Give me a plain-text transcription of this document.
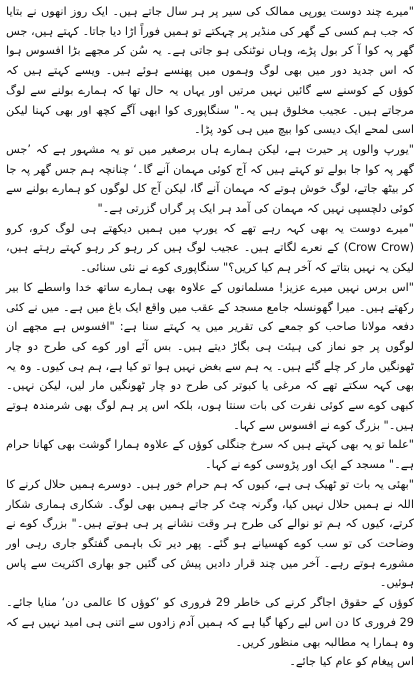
"میرے چند دوست یورپی ممالک کی سیر پر ہر سال جاتے ہیں۔ ایک روز انھوں نے بتایا کہ جب ہم کسی کے گھر کی منڈیر پر چہکتے تو ہمیں فوراً اڑا دیا جاتا۔ کہتے ہیں، جس گھر پہ کوا آ کر بول پڑے، وہاں نوٹنکی ہو جاتی ہے۔ یہ سُن کر مجھے بڑا افسوس ہوا کہ اس جدید دور میں بھی لوگ وہموں میں پھنسے ہوئے ہیں۔ ویسے کہتے ہیں کہ کوؤں کے کوسنے سے گائیں نہیں مرتیں اور یہاں یہ حال تھا کہ ہمارے بولنے سے لوگ مرجاتے ہیں۔ عجیب مخلوق ہیں یہ۔" سنگاپوری کوا ابھی آگے کچھ اور بھی کہنا لیکن اسی لمحے ایک دیسی کوا بیچ میں ہی کود پڑا۔

"یورپ والوں پر حیرت ہے، لیکن ہمارے ہاں برصغیر میں تو یہ مشہور ہے کہ ’جس گھر پہ کوا جا بولے تو کہتے ہیں کہ آج کوئی مہمان آنے گا۔‘ چنانچہ ہم جس گھر پہ جا کر بیٹھ جاتے، لوگ خوش ہوتے کہ مہمان آنے گا، لیکن آج کل لوگوں کو ہمارے بولنے سے کوئی دلچسپی نہیں کہ مہمان کی آمد ہر ایک پر گراں گزرتی ہے۔"

"میرے دوست یہ بھی کہہ رہے تھے کہ یورپ میں ہمیں دیکھتے ہی لوگ کرو، کرو (Crow Crow) کے نعرے لگاتے ہیں۔ عجیب لوگ ہیں کر رہو کر رہو کہتے رہتے ہیں، لیکن یہ نہیں بتاتے کہ آخر ہم کیا کریں؟" سنگاپوری کوے نے نئی سنائی۔

"اس برس نہیں میرے عزیز! مسلمانوں کے علاوہ بھی ہمارے ساتھ خدا واسطے کا بیر رکھتے ہیں۔ میرا گھونسلہ جامع مسجد کے عقب میں واقع ایک باغ میں ہے۔ میں نے کئی دفعہ مولانا صاحب کو جمعے کی تقریر میں یہ کہتے سنا ہے: "افسوس ہے مجھے ان لوگوں پر جو نماز کی ہیئت ہی بگاڑ دیتے ہیں۔ بس آئے اور کوے کی طرح دو چار ٹھونگیں مار کر چلے گئے ہیں۔ یہ ہم سے بغض نہیں ہوا تو کیا ہے، ہم ہی کیوں۔ وہ یہ بھی کہہ سکتے تھے کہ مرغی یا کبوتر کی طرح دو چار ٹھونگیں مار لیں، لیکن نہیں۔ کبھی کوے سے کوئی نفرت کی بات سنتا ہوں، بلکہ اس پر ہم لوگ بھی شرمندہ ہوتے ہیں۔" بزرگ کوے نے افسوس سے کہا۔

"علما تو یہ بھی کہتے ہیں کہ سرخ جنگلی کوؤں کے علاوہ ہمارا گوشت بھی کھانا حرام ہے۔" مسجد کے ایک اور پڑوسی کوے نے کہا۔

"بھئی یہ بات تو ٹھیک ہی ہے، کیوں کہ ہم حرام خور ہیں۔ دوسرے ہمیں حلال کرنے کا اللہ نے ہمیں حلال نہیں کیا، وگرنہ چٹ کر جاتے ہمیں بھی لوگ۔ شکاری ہماری شکار کرتے، کیوں کہ ہم تو نوالے کی طرح ہر وقت نشانے پر ہی ہوتے ہیں۔" بزرگ کوے نے وضاحت کی تو سب کوے کھسیانے ہو گئے۔ پھر دیر تک باہمی گفتگو جاری رہی اور مشورے ہوتے رہے۔ آخر میں چند قرار دادیں پیش کی گئیں جو بھاری اکثریت سے پاس ہوئیں۔

کوؤں کے حقوق اجاگر کرنے کی خاطر 29 فروری کو ’کوؤں کا عالمی دن‘ منایا جائے۔ 29 فروری کا دن اس لیے رکھا گیا ہے کہ ہمیں آدم زادوں سے اتنی ہی امید نہیں ہے کہ وہ ہمارا یہ مطالبہ بھی منظور کریں۔

اس پیغام کو عام کیا جائے۔
